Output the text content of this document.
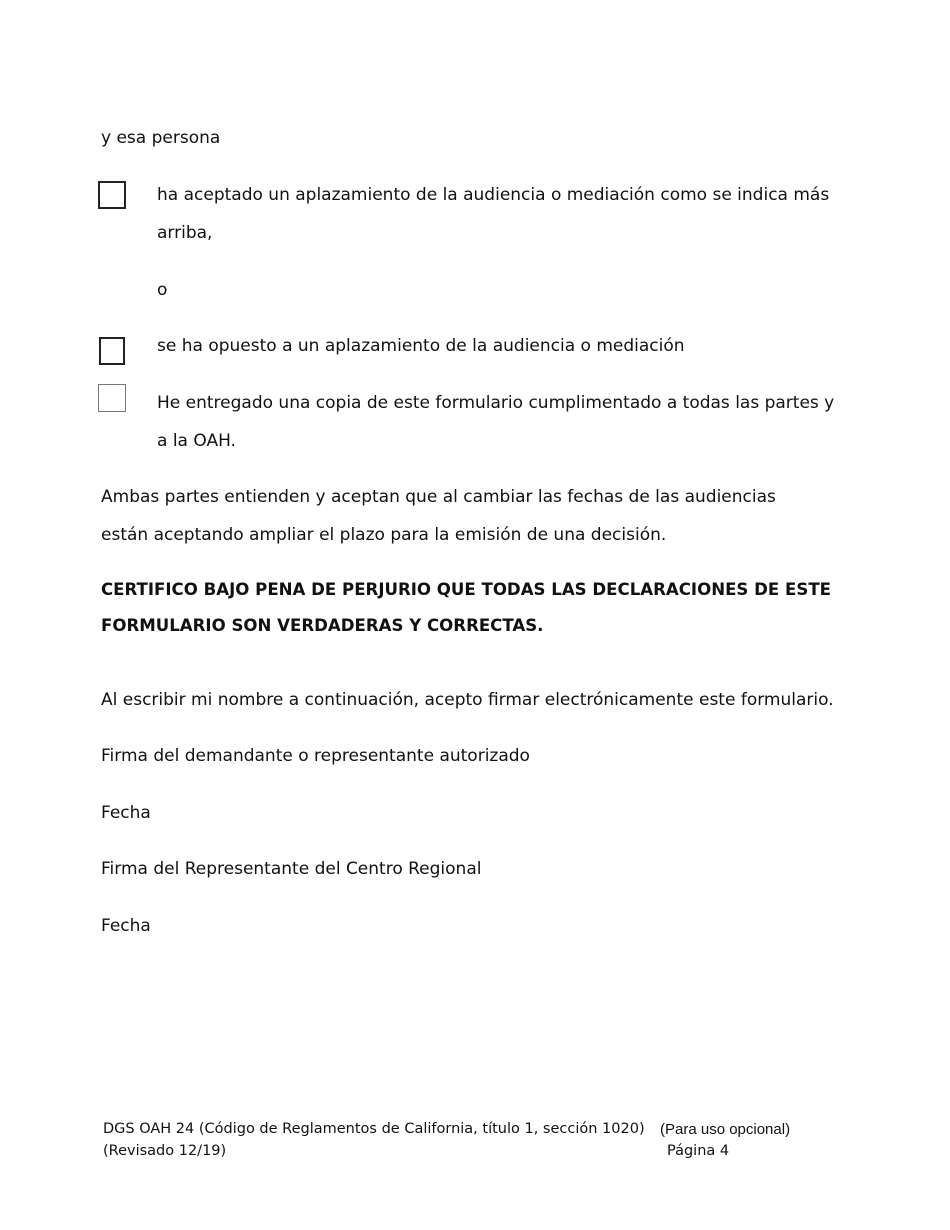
y esa persona
ha aceptado un aplazamiento de la audiencia o mediación como se indica más arriba,
o
se ha opuesto a un aplazamiento de la audiencia o mediación
He entregado una copia de este formulario cumplimentado a todas las partes y a la OAH.
Ambas partes entienden y aceptan que al cambiar las fechas de las audiencias están aceptando ampliar el plazo para la emisión de una decisión.
CERTIFICO BAJO PENA DE PERJURIO QUE TODAS LAS DECLARACIONES DE ESTE FORMULARIO SON VERDADERAS Y CORRECTAS.
Al escribir mi nombre a continuación, acepto firmar electrónicamente este formulario.
Firma del demandante o representante autorizado
Fecha
Firma del Representante del Centro Regional
Fecha
DGS OAH 24 (Código de Reglamentos de California, título 1, sección 1020)
(Revisado 12/19)
(Para uso opcional)
Página 4
